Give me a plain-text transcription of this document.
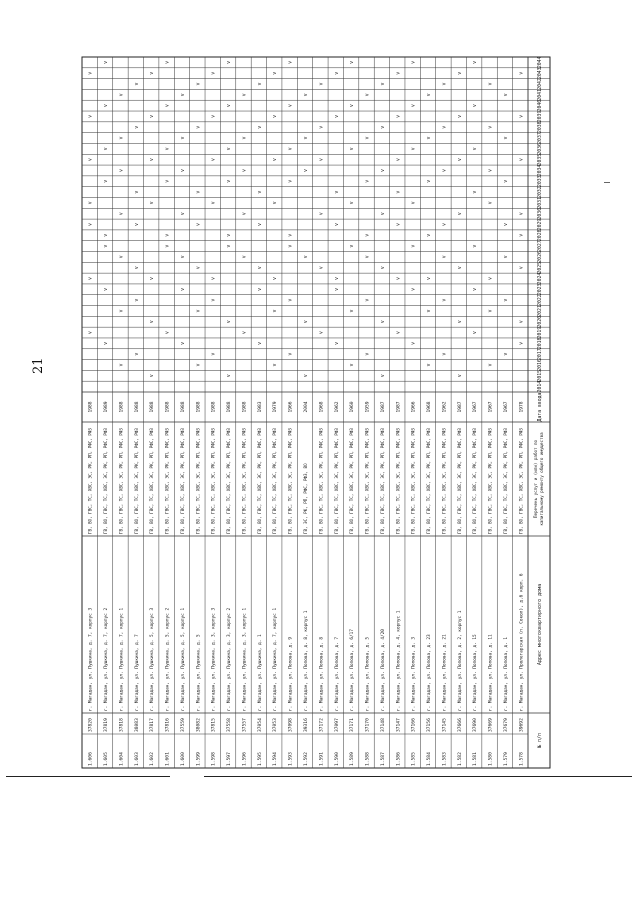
21
№ п/п
Адрес многоквартирного дома
Перечень услуг и (или) работ покапитальному ремонту общего имущества
Дата ввода
2014
2015
2016
2017
2018
2019
2020
2021
2022
2023
2024
2025
2026
2027
2028
2029
2030
2031
2032
2033
2034
2035
2036
2037
2038
2039
2040
2041
2042
2043
2044
1.578
39692
г. Магадан, ул. Пролетарская (п. Сокол), д.6 корп. 6
ГВ, ВО, ГВС, ТС, ХВС, ЭС, РК, РП, РФС, РФЗ
1978
v
v
v
v
v
v
v
v
1.579
37679
г. Магадан, ул. Попова, д. 1
ГВ, ВО, ГВС, ТС, ХВС, ЭС, РК, РП, РФС, РФЗ
1967
v
v
v
v
v
v
v
1.580
37669
г. Магадан, ул. Попова, д. 11
ГВ, ВО, ГВС, ТС, ХВС, ЭС, РК, РП, РФС, РФЗ
1967
v
v
v
v
v
v
v
1.581
37690
г. Магадан, ул. Попова, д. 15
ГВ, ВО, ГВС, ТС, ХВС, ЭС, РК, РП, РФС, РФЗ
1967
v
v
v
v
v
v
v
1.582
37666
г. Магадан, ул. Попова, д. 2, корпус 1
ГВ, ВО, ГВС, ТС, ХВС, ЭС, РК, РП, РФС, РФЗ
1987
v
v
v
v
v
v
v
1.583
37145
г. Магадан, ул. Попова, д. 21
ГВ, ВО, ГВС, ТС, ХВС, ЭС, РК, РП, РФС, РФЗ
1962
v
v
v
v
v
v
v
1.584
37156
г. Магадан, ул. Попова, д. 23
ГВ, ВО, ГВС, ТС, ХВС, ЭС, РК, РП, РФС, РФЗ
1968
v
v
v
v
v
v
v
1.585
37166
г. Магадан, ул. Попова, д. 3
ГВ, ВО, ГВС, ТС, ХВС, ЭС, РК, РП, РФС, РФЗ
1966
v
v
v
v
v
v
v
1.586
37147
г. Магадан, ул. Попова, д. 4, корпус 1
ГВ, ВО, ГВС, ТС, ХВС, ЭС, РК, РП, РФС, РФЗ
1987
v
v
v
v
v
v
v
1.587
37148
г. Магадан, ул. Попова, д. 4/20
ГВ, ВО, ГВС, ТС, ХВС, ЭС, РК, РП, РФС, РФЗ
1987
v
v
v
v
v
v
v
1.588
37170
г. Магадан, ул. Попова, д. 5
ГВ, ВО, ГВС, ТС, ХВС, ЭС, РК, РП, РФС, РФЗ
1959
v
v
v
v
v
v
v
1.589
37171
г. Магадан, ул. Попова, д. 6/17
ГВ, ВО, ГВС, ТС, ХВС, ЭС, РК, РП, РФС, РФЗ
1960
v
v
v
v
v
v
v
1.590
37097
г. Магадан, ул. Попова, д. 7
ГВ, ВО, ГВС, ТС, ХВС, ЭС, РК, РП, РФС, РФЗ
1962
v
v
v
v
v
v
v
1.591
37172
г. Магадан, ул. Попова, д. 8
ГВ, ВО, ГВС, ТС, ХВС, ЭС, РК, РП, РФС, РФЗ
1968
v
v
v
v
v
v
1.592
39316
г. Магадан, ул. Попова, д. 8, корпус 1
ГВ, ЭС, РК, РП, РФС, РФЗ, ВО
2004
v
v
v
v
v
v
1.593
37098
г. Магадан, ул. Попова, д. 9
ГВ, ВО, ГВС, ТС, ХВС, ЭС, РК, РП, РФС, РФЗ
1966
v
v
v
v
v
v
v
v
1.594
37053
г. Магадан, ул. Пушкина, д. 7, корпус 1
ГВ, ВО, ГВС, ТС, ХВС, ЭС, РК, РП, РФС, РФЗ
1979
v
v
v
v
v
v
v
1.595
37054
г. Магадан, ул. Пушкина, д. 1
ГВ, ВО, ГВС, ТС, ХВС, ЭС, РК, РП, РФС, РФЗ
1983
v
v
v
v
v
v
v
1.596
37557
г. Магадан, ул. Пушкина, д. 3, корпус 1
ГВ, ВО, ГВС, ТС, ХВС, ЭС, РК, РП, РФС, РФЗ
1988
v
v
v
v
v
v
1.597
37558
г. Магадан, ул. Пушкина, д. 3, корпус 2
ГВ, ВО, ГВС, ТС, ХВС, ЭС, РК, РП, РФС, РФЗ
1988
v
v
v
v
v
v
v
v
1.598
37815
г. Магадан, ул. Пушкина, д. 3, корпус 3
ГВ, ВО, ГВС, ТС, ХВС, ЭС, РК, РП, РФС, РФЗ
1988
v
v
v
v
v
v
v
1.599
38082
г. Магадан, ул. Пушкина, д. 5
ГВ, ВО, ГВС, ТС, ХВС, ЭС, РК, РП, РФС, РФЗ
1988
v
v
v
v
v
v
v
1.600
37559
г. Магадан, ул. Пушкина, д. 5, корпус 1
ГВ, ВО, ГВС, ТС, ХВС, ЭС, РК, РП, РФС, РФЗ
1988
v
v
v
v
v
v
v
1.601
37816
г. Магадан, ул. Пушкина, д. 5, корпус 2
ГВ, ВО, ГВС, ТС, ХВС, ЭС, РК, РП, РФС, РФЗ
1988
v
v
v
v
v
v
v
1.602
37817
г. Магадан, ул. Пушкина, д. 5, корпус 3
ГВ, ВО, ГВС, ТС, ХВС, ЭС, РК, РП, РФС, РФЗ
1988
v
v
v
v
v
v
v
1.603
38083
г. Магадан, ул. Пушкина, д. 7
ГВ, ВО, ГВС, ТС, ХВС, ЭС, РК, РП, РФС, РФЗ
1988
v
v
v
v
v
v
v
1.604
37818
г. Магадан, ул. Пушкина, д. 7, корпус 1
ГВ, ВО, ГВС, ТС, ХВС, ЭС, РК, РП, РФС, РФЗ
1988
v
v
v
v
v
v
v
1.605
37819
г. Магадан, ул. Пушкина, д. 7, корпус 2
ГВ, ВО, ГВС, ТС, ХВС, ЭС, РК, РП, РФС, РФЗ
1989
v
v
v
v
v
v
v
v
1.606
37820
г. Магадан, ул. Пушкина, д. 7, корпус 3
ГВ, ВО, ГВС, ТС, ХВС, ЭС, РК, РП, РФС, РФЗ
1988
v
v
v
v
v
v
v
